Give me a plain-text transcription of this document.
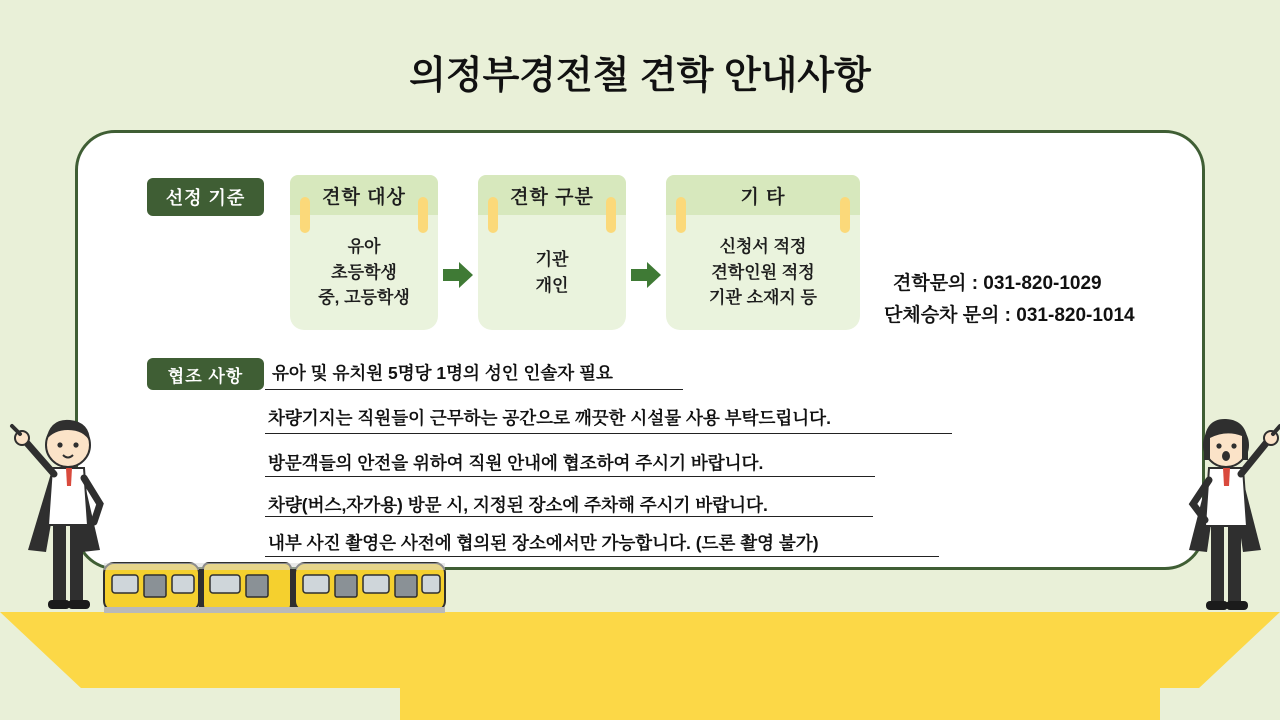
의정부경전철 견학 안내사항
선정 기준	견학 대상
유아
초등학생
중, 고등학생
견학 구분
기관
개인
기 타
신청서 적정
견학인원 적정
기관 소재지 등
견학문의 : 031-820-1029
단체승차 문의 : 031-820-1014
협조 사항	유아 및 유치원 5명당 1명의 성인 인솔자 필요
차량기지는 직원들이 근무하는 공간으로 깨끗한 시설물 사용 부탁드립니다.
방문객들의 안전을 위하여 직원 안내에 협조하여 주시기 바랍니다.
차량(버스,자가용) 방문 시, 지정된 장소에 주차해 주시기 바랍니다.
내부 사진 촬영은 사전에 협의된 장소에서만 가능합니다. (드론 촬영 불가)
